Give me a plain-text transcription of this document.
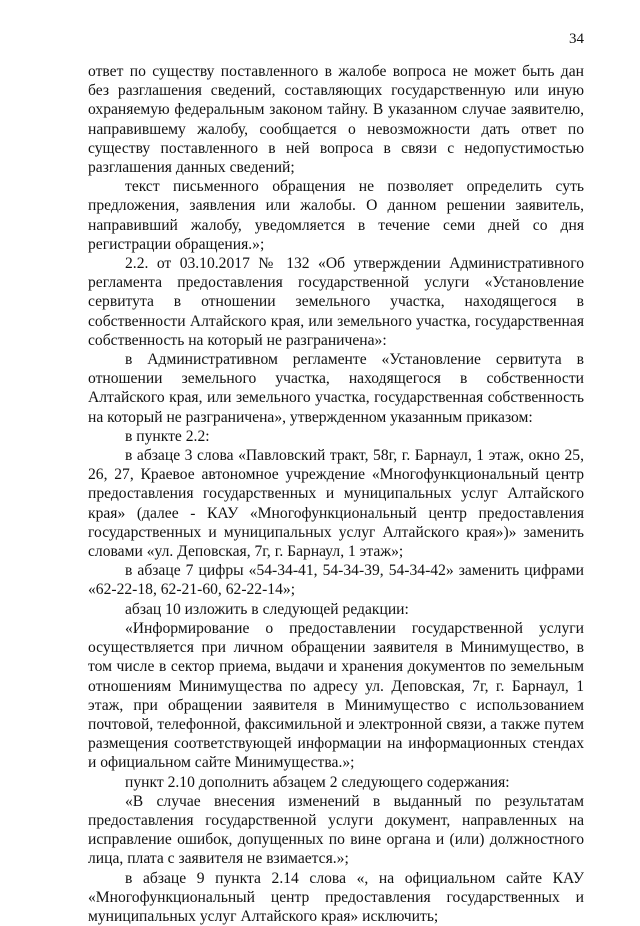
34

ответ по существу поставленного в жалобе вопроса не может быть дан без разглашения сведений, составляющих государственную или иную охраняемую федеральным законом тайну. В указанном случае заявителю, направившему жалобу, сообщается о невозможности дать ответ по существу поставленного в ней вопроса в связи с недопустимостью разглашения данных сведений;

текст письменного обращения не позволяет определить суть предложения, заявления или жалобы. О данном решении заявитель, направивший жалобу, уведомляется в течение семи дней со дня регистрации обращения.»;

2.2. от 03.10.2017 № 132 «Об утверждении Административного регламента предоставления государственной услуги «Установление сервитута в отношении земельного участка, находящегося в собственности Алтайского края, или земельного участка, государственная собственность на который не разграничена»:

в Административном регламенте «Установление сервитута в отношении земельного участка, находящегося в собственности Алтайского края, или земельного участка, государственная собственность на который не разграничена», утвержденном указанным приказом:

в пункте 2.2:

в абзаце 3 слова «Павловский тракт, 58г, г. Барнаул, 1 этаж, окно 25, 26, 27, Краевое автономное учреждение «Многофункциональный центр предоставления государственных и муниципальных услуг Алтайского края» (далее - КАУ «Многофункциональный центр предоставления государственных и муниципальных услуг Алтайского края»)» заменить словами «ул. Деповская, 7г, г. Барнаул, 1 этаж»;

в абзаце 7 цифры «54-34-41, 54-34-39, 54-34-42» заменить цифрами «62-22-18, 62-21-60, 62-22-14»;

абзац 10 изложить в следующей редакции:

«Информирование о предоставлении государственной услуги осуществляется при личном обращении заявителя в Минимущество, в том числе в сектор приема, выдачи и хранения документов по земельным отношениям Минимущества по адресу ул. Деповская, 7г, г. Барнаул, 1 этаж, при обращении заявителя в Минимущество с использованием почтовой, телефонной, факсимильной и электронной связи, а также путем размещения соответствующей информации на информационных стендах и официальном сайте Минимущества.»;

пункт 2.10 дополнить абзацем 2 следующего содержания:

«В случае внесения изменений в выданный по результатам предоставления государственной услуги документ, направленных на исправление ошибок, допущенных по вине органа и (или) должностного лица, плата с заявителя не взимается.»;

в абзаце 9 пункта 2.14 слова «, на официальном сайте КАУ «Многофункциональный центр предоставления государственных и муниципальных услуг Алтайского края» исключить;
